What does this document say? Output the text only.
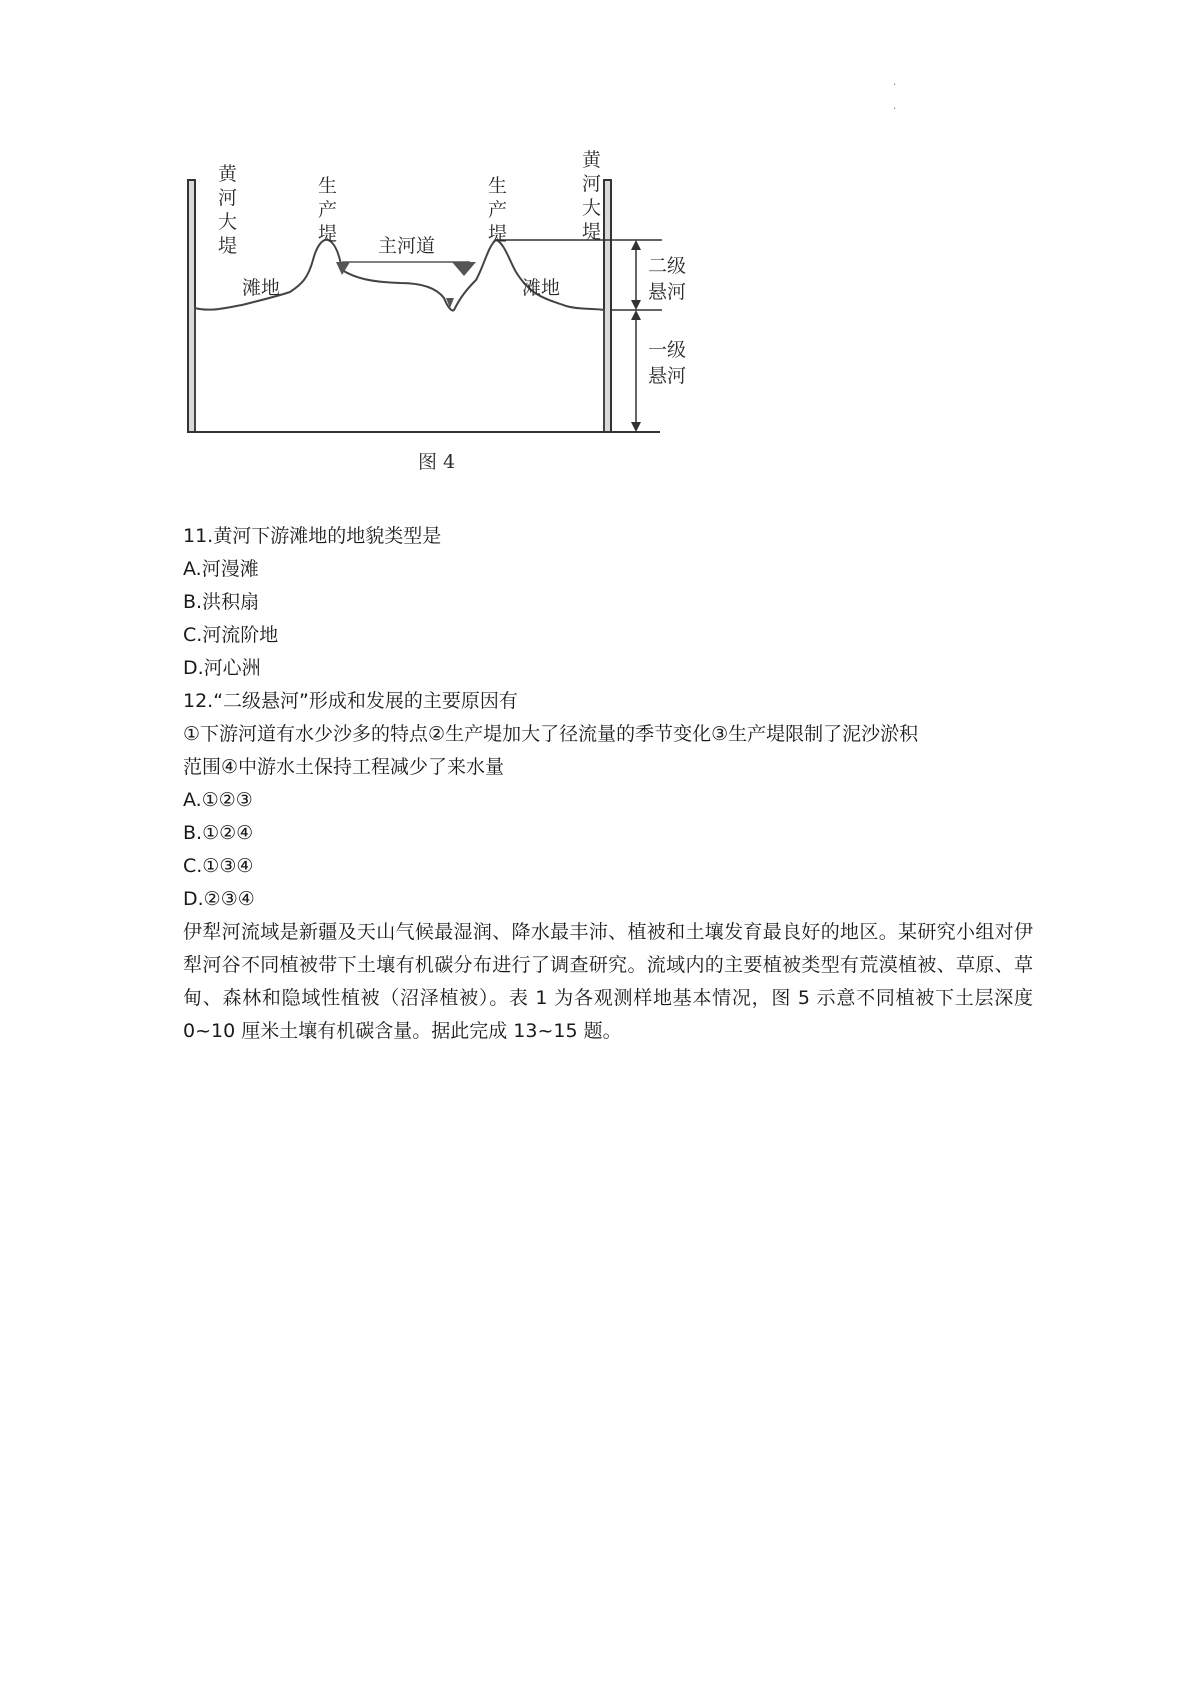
·
·
黄河大堤
生产堤
生产堤
黄河大堤
主河道
滩地	滩地
二级悬河
一级悬河
图 4
11.黄河下游滩地的地貌类型是
A.河漫滩
B.洪积扇
C.河流阶地
D.河心洲
12.“二级悬河”形成和发展的主要原因有
①下游河道有水少沙多的特点②生产堤加大了径流量的季节变化③生产堤限制了泥沙淤积
范围④中游水土保持工程减少了来水量
A.①②③
B.①②④
C.①③④
D.②③④
伊犁河流域是新疆及天山气候最湿润、降水最丰沛、植被和土壤发育最良好的地区。某研究小组对伊犁河谷不同植被带下土壤有机碳分布进行了调查研究。流域内的主要植被类型有荒漠植被、草原、草甸、森林和隐域性植被（沼泽植被）。表 1 为各观测样地基本情况，图 5 示意不同植被下土层深度 0~10 厘米土壤有机碳含量。据此完成 13~15 题。
